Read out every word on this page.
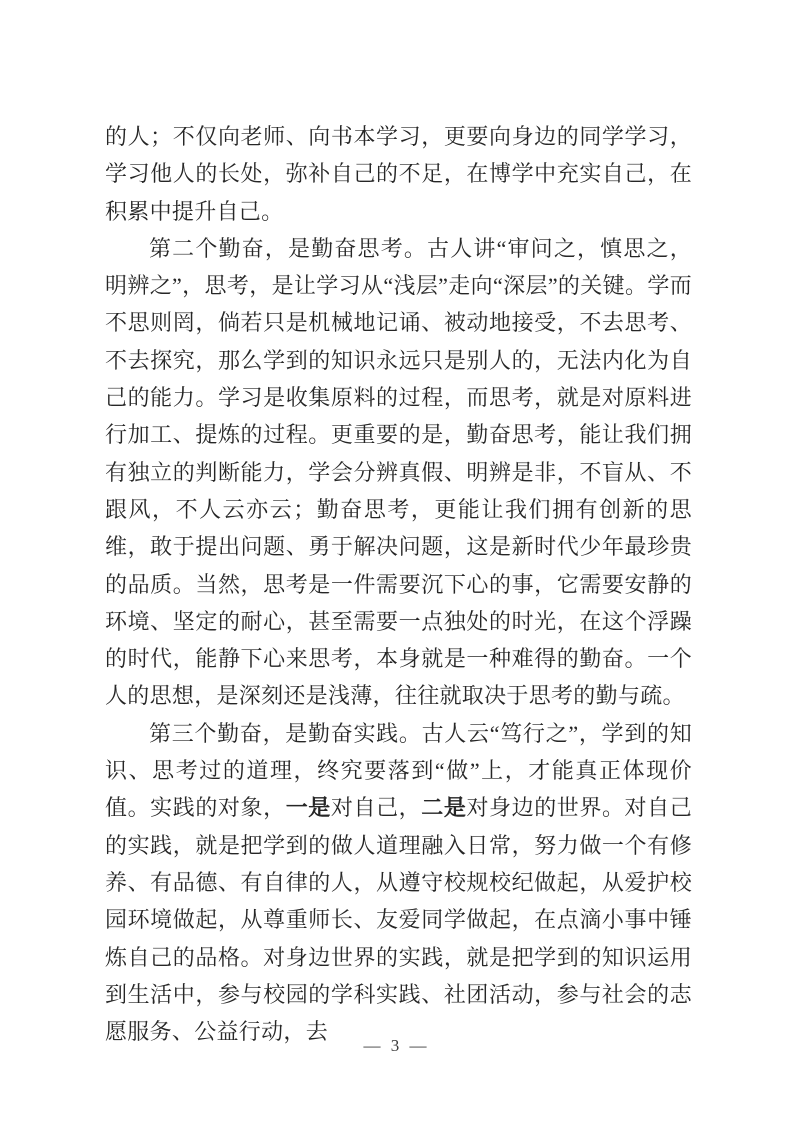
的人；不仅向老师、向书本学习，更要向身边的同学学习，学习他人的长处，弥补自己的不足，在博学中充实自己，在积累中提升自己。

第二个勤奋，是勤奋思考。古人讲“审问之，慎思之，明辨之”，思考，是让学习从“浅层”走向“深层”的关键。学而不思则罔，倘若只是机械地记诵、被动地接受，不去思考、不去探究，那么学到的知识永远只是别人的，无法内化为自己的能力。学习是收集原料的过程，而思考，就是对原料进行加工、提炼的过程。更重要的是，勤奋思考，能让我们拥有独立的判断能力，学会分辨真假、明辨是非，不盲从、不跟风，不人云亦云；勤奋思考，更能让我们拥有创新的思维，敢于提出问题、勇于解决问题，这是新时代少年最珍贵的品质。当然，思考是一件需要沉下心的事，它需要安静的环境、坚定的耐心，甚至需要一点独处的时光，在这个浮躁的时代，能静下心来思考，本身就是一种难得的勤奋。一个人的思想，是深刻还是浅薄，往往就取决于思考的勤与疏。

第三个勤奋，是勤奋实践。古人云“笃行之”，学到的知识、思考过的道理，终究要落到“做”上，才能真正体现价值。实践的对象，一是对自己，二是对身边的世界。对自己的实践，就是把学到的做人道理融入日常，努力做一个有修养、有品德、有自律的人，从遵守校规校纪做起，从爱护校园环境做起，从尊重师长、友爱同学做起，在点滴小事中锤炼自己的品格。对身边世界的实践，就是把学到的知识运用到生活中，参与校园的学科实践、社团活动，参与社会的志愿服务、公益行动，去

— 3 —
